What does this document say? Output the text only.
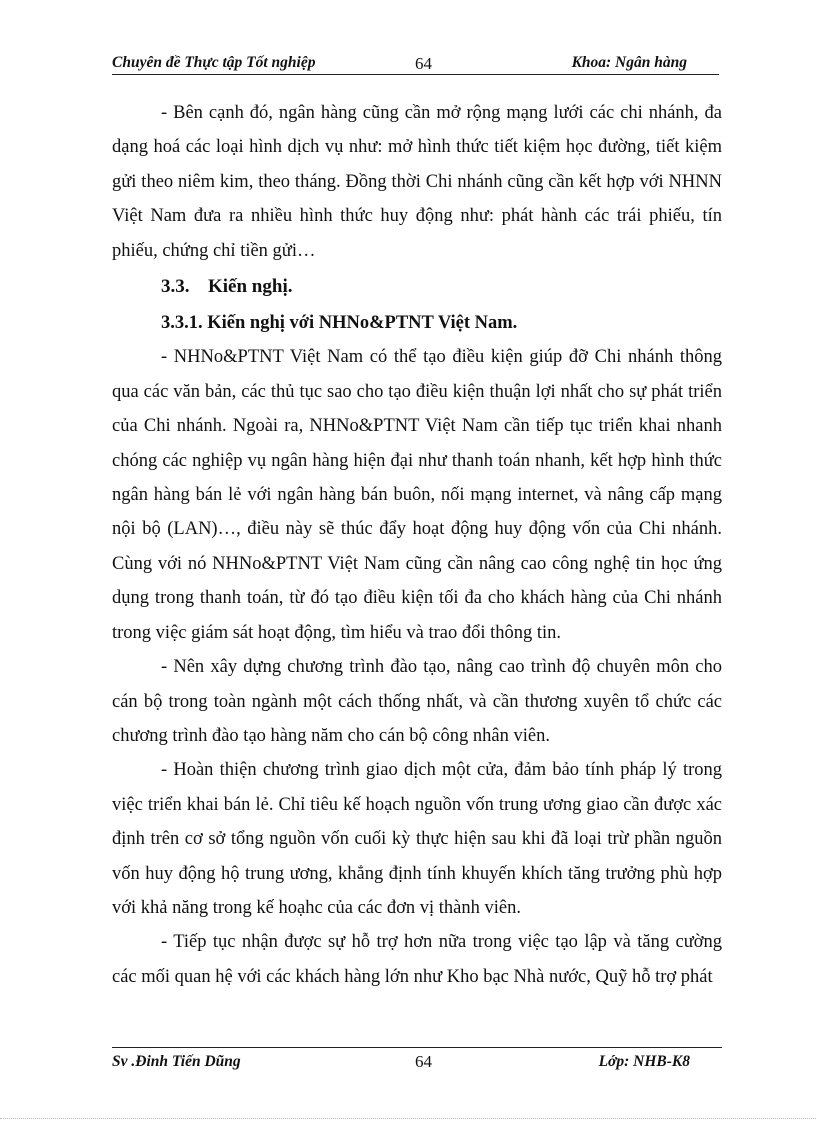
Chuyên đề Thực tập Tốt nghiệp	64	Khoa: Ngân hàng

- Bên cạnh đó, ngân hàng cũng cần mở rộng mạng lưới các chi nhánh, đa dạng hoá các loại hình dịch vụ như: mở hình thức tiết kiệm học đường, tiết kiệm gửi theo niêm kim, theo tháng. Đồng thời Chi nhánh cũng cần kết hợp với NHNN Việt Nam đưa ra nhiều hình thức huy động như: phát hành các trái phiếu, tín phiếu, chứng chỉ tiền gửi…

3.3. Kiến nghị.
3.3.1. Kiến nghị với NHNo&PTNT Việt Nam.

- NHNo&PTNT Việt Nam có thể tạo điều kiện giúp đỡ Chi nhánh thông qua các văn bản, các thủ tục sao cho tạo điều kiện thuận lợi nhất cho sự phát triển của Chi nhánh. Ngoài ra, NHNo&PTNT Việt Nam cần tiếp tục triển khai nhanh chóng các nghiệp vụ ngân hàng hiện đại như thanh toán nhanh, kết hợp hình thức ngân hàng bán lẻ với ngân hàng bán buôn, nối mạng internet, và nâng cấp mạng nội bộ (LAN)…, điều này sẽ thúc đẩy hoạt động huy động vốn của Chi nhánh. Cùng với nó NHNo&PTNT Việt Nam cũng cần nâng cao công nghệ tin học ứng dụng trong thanh toán, từ đó tạo điều kiện tối đa cho khách hàng của Chi nhánh trong việc giám sát hoạt động, tìm hiểu và trao đổi thông tin.

- Nên xây dựng chương trình đào tạo, nâng cao trình độ chuyên môn cho cán bộ trong toàn ngành một cách thống nhất, và cần thương xuyên tổ chức các chương trình đào tạo hàng năm cho cán bộ công nhân viên.

- Hoàn thiện chương trình giao dịch một cửa, đảm bảo tính pháp lý trong việc triển khai bán lẻ. Chỉ tiêu kế hoạch nguồn vốn trung ương giao cần được xác định trên cơ sở tổng nguồn vốn cuối kỳ thực hiện sau khi đã loại trừ phần nguồn vốn huy động hộ trung ương, khẳng định tính khuyến khích tăng trưởng phù hợp với khả năng trong kế hoạhc của các đơn vị thành viên.

- Tiếp tục nhận được sự hỗ trợ hơn nữa trong việc tạo lập và tăng cường các mối quan hệ với các khách hàng lớn như Kho bạc Nhà nước, Quỹ hỗ trợ phát

Sv .Đinh Tiến Dũng	64	Lớp: NHB-K8
